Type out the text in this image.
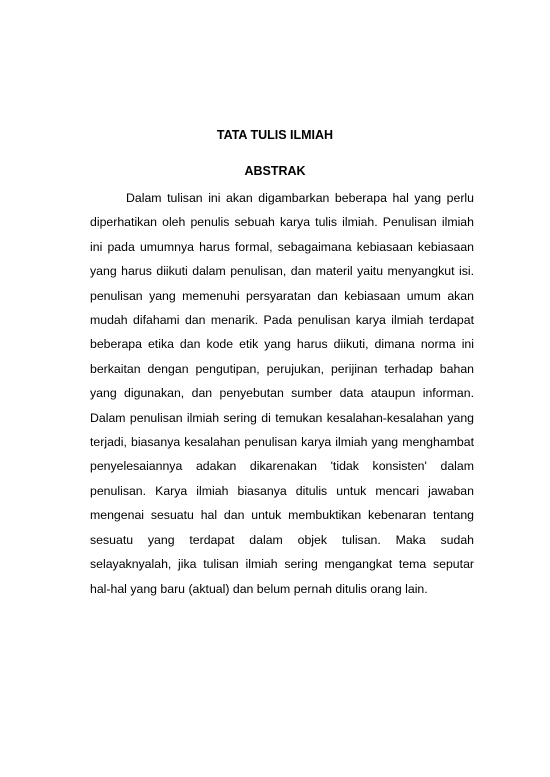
TATA TULIS ILMIAH
ABSTRAK

Dalam tulisan ini akan digambarkan beberapa hal yang perlu diperhatikan oleh penulis sebuah karya tulis ilmiah. Penulisan ilmiah ini pada umumnya harus formal, sebagaimana kebiasaan kebiasaan yang harus diikuti dalam penulisan, dan materil yaitu menyangkut isi. penulisan yang memenuhi persyaratan dan kebiasaan umum akan mudah difahami dan menarik. Pada penulisan karya ilmiah terdapat beberapa etika dan kode etik yang harus diikuti, dimana norma ini berkaitan dengan pengutipan, perujukan, perijinan terhadap bahan yang digunakan, dan penyebutan sumber data ataupun informan. Dalam penulisan ilmiah sering di temukan kesalahan-kesalahan yang terjadi, biasanya kesalahan penulisan karya ilmiah yang menghambat penyelesaiannya adakan dikarenakan 'tidak konsisten' dalam penulisan. Karya ilmiah biasanya ditulis untuk mencari jawaban mengenai sesuatu hal dan untuk membuktikan kebenaran tentang sesuatu yang terdapat dalam objek tulisan. Maka sudah selayaknyalah, jika tulisan ilmiah sering mengangkat tema seputar hal-hal yang baru (aktual) dan belum pernah ditulis orang lain.
